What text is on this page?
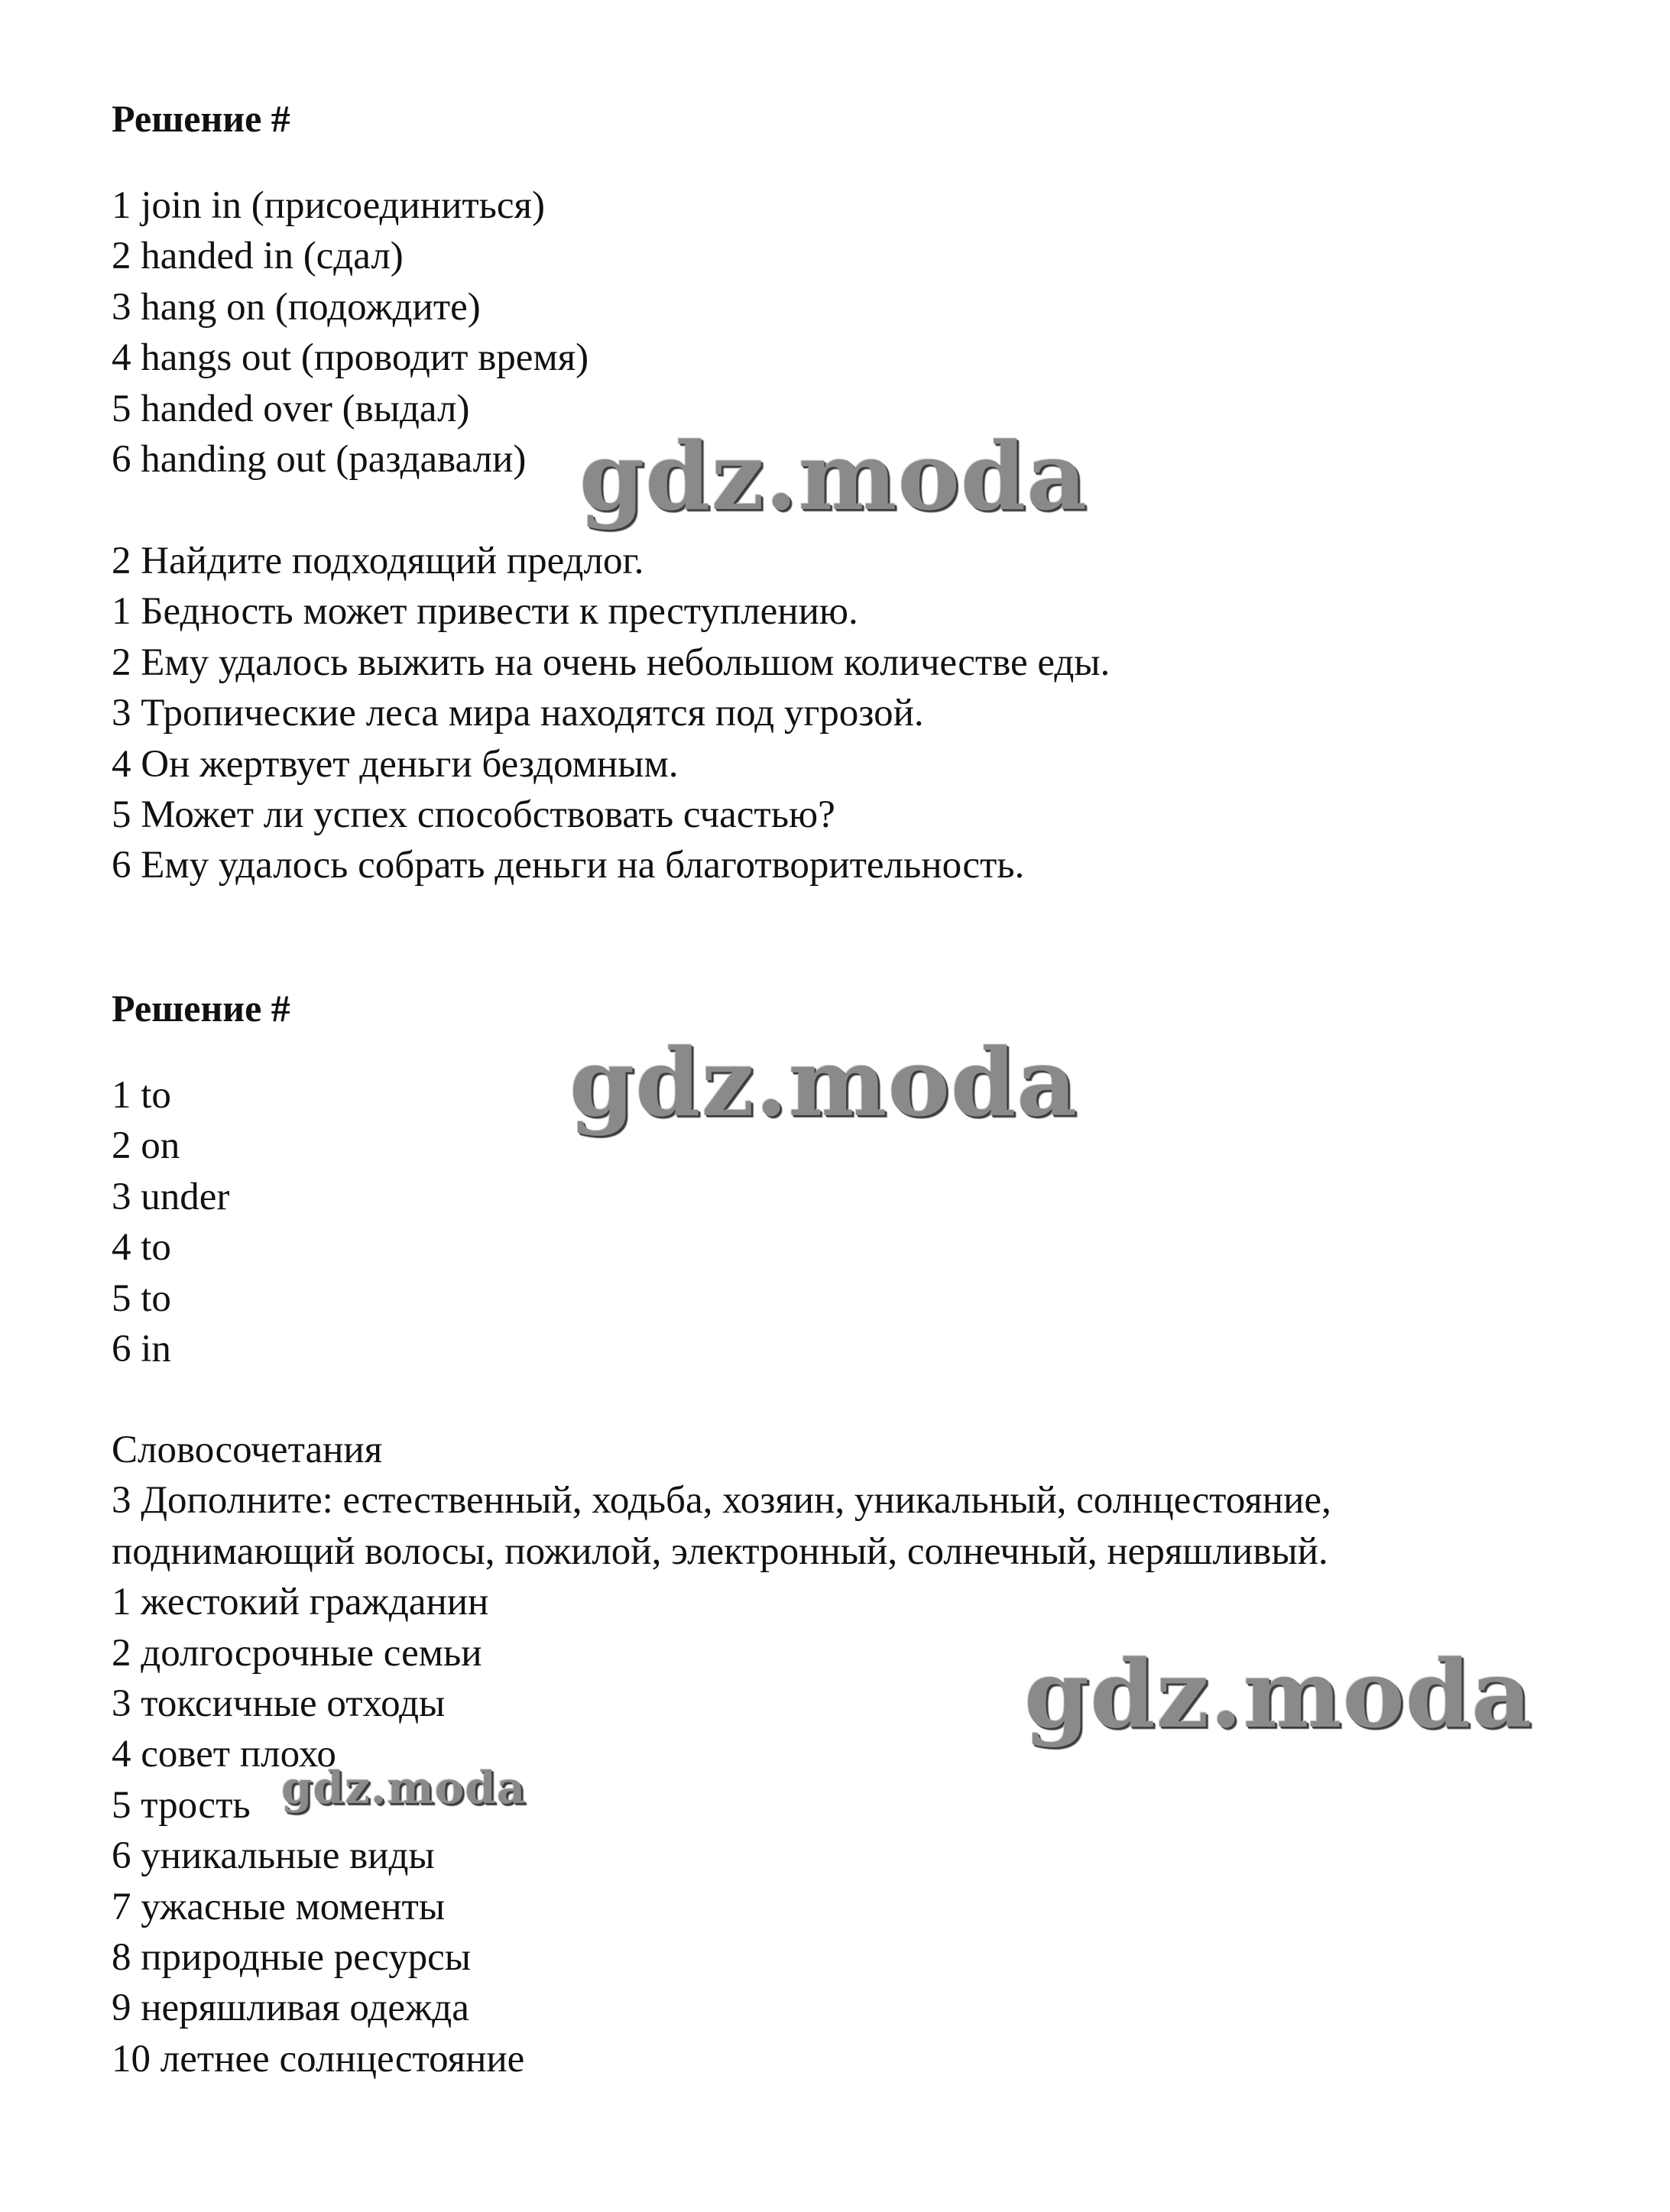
Решение #
1 join in (присоединиться)
2 handed in (сдал)
3 hang on (подождите)
4 hangs out (проводит время)
5 handed over (выдал)
6 handing out (раздавали)
2 Найдите подходящий предлог.
1 Бедность может привести к преступлению.
2 Ему удалось выжить на очень небольшом количестве еды.
3 Тропические леса мира находятся под угрозой.
4 Он жертвует деньги бездомным.
5 Может ли успех способствовать счастью?
6 Ему удалось собрать деньги на благотворительность.
Решение #
1 to
2 on
3 under
4 to
5 to
6 in
Словосочетания
3 Дополните: естественный, ходьба, хозяин, уникальный, солнцестояние,
поднимающий волосы, пожилой, электронный, солнечный, неряшливый.
1 жестокий гражданин
2 долгосрочные семьи
3 токсичные отходы
4 совет плохо
5 трость
6 уникальные виды
7 ужасные моменты
8 природные ресурсы
9 неряшливая одежда
10 летнее солнцестояние
gdz.moda
gdz.moda
gdz.moda
gdz.moda
